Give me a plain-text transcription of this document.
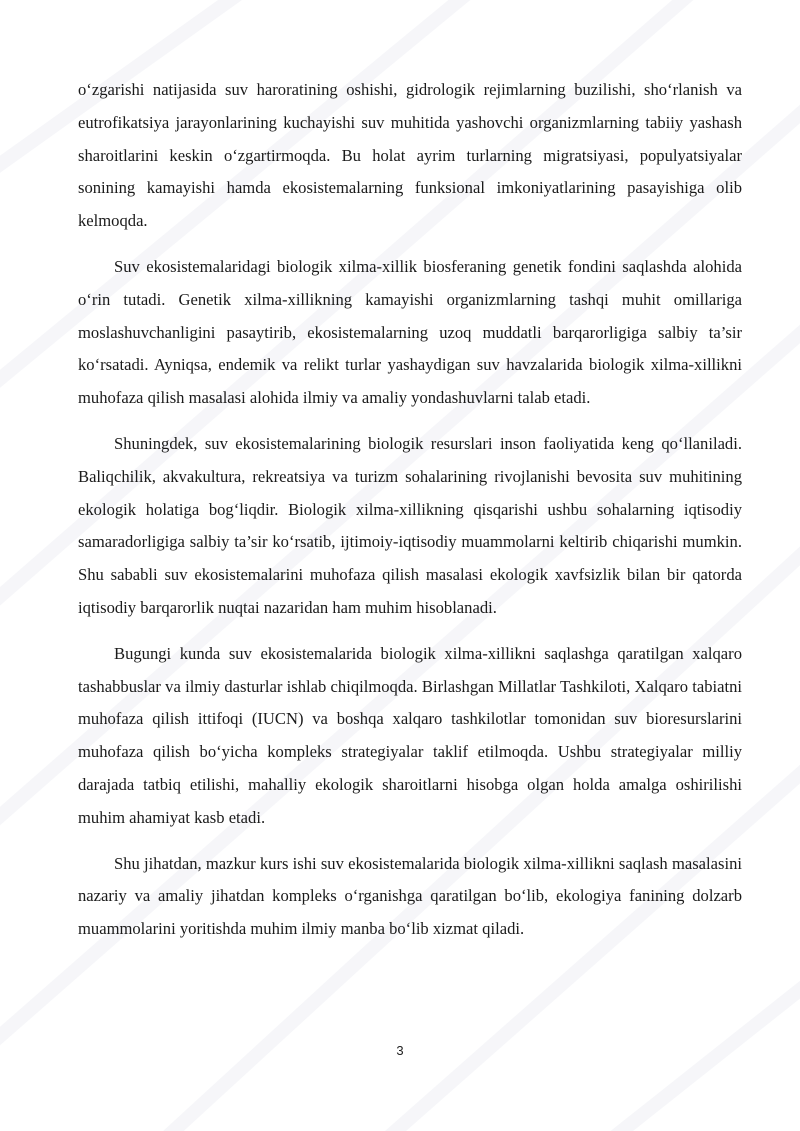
o‘zgarishi natijasida suv haroratining oshishi, gidrologik rejimlarning buzilishi, sho‘rlanish va eutrofikatsiya jarayonlarining kuchayishi suv muhitida yashovchi organizmlarning tabiiy yashash sharoitlarini keskin o‘zgartirmoqda. Bu holat ayrim turlarning migratsiyasi, populyatsiyalar sonining kamayishi hamda ekosistemalarning funksional imkoniyatlarining pasayishiga olib kelmoqda.

Suv ekosistemalaridagi biologik xilma-xillik biosferaning genetik fondini saqlashda alohida o‘rin tutadi. Genetik xilma-xillikning kamayishi organizmlarning tashqi muhit omillariga moslashuvchanligini pasaytirib, ekosistemalarning uzoq muddatli barqarorligiga salbiy ta’sir ko‘rsatadi. Ayniqsa, endemik va relikt turlar yashaydigan suv havzalarida biologik xilma-xillikni muhofaza qilish masalasi alohida ilmiy va amaliy yondashuvlarni talab etadi.

Shuningdek, suv ekosistemalarining biologik resurslari inson faoliyatida keng qo‘llaniladi. Baliqchilik, akvakultura, rekreatsiya va turizm sohalarining rivojlanishi bevosita suv muhitining ekologik holatiga bog‘liqdir. Biologik xilma-xillikning qisqarishi ushbu sohalarning iqtisodiy samaradorligiga salbiy ta’sir ko‘rsatib, ijtimoiy-iqtisodiy muammolarni keltirib chiqarishi mumkin. Shu sababli suv ekosistemalarini muhofaza qilish masalasi ekologik xavfsizlik bilan bir qatorda iqtisodiy barqarorlik nuqtai nazaridan ham muhim hisoblanadi.

Bugungi kunda suv ekosistemalarida biologik xilma-xillikni saqlashga qaratilgan xalqaro tashabbuslar va ilmiy dasturlar ishlab chiqilmoqda. Birlashgan Millatlar Tashkiloti, Xalqaro tabiatni muhofaza qilish ittifoqi (IUCN) va boshqa xalqaro tashkilotlar tomonidan suv bioresurslarini muhofaza qilish bo‘yicha kompleks strategiyalar taklif etilmoqda. Ushbu strategiyalar milliy darajada tatbiq etilishi, mahalliy ekologik sharoitlarni hisobga olgan holda amalga oshirilishi muhim ahamiyat kasb etadi.

Shu jihatdan, mazkur kurs ishi suv ekosistemalarida biologik xilma-xillikni saqlash masalasini nazariy va amaliy jihatdan kompleks o‘rganishga qaratilgan bo‘lib, ekologiya fanining dolzarb muammolarini yoritishda muhim ilmiy manba bo‘lib xizmat qiladi.

3
